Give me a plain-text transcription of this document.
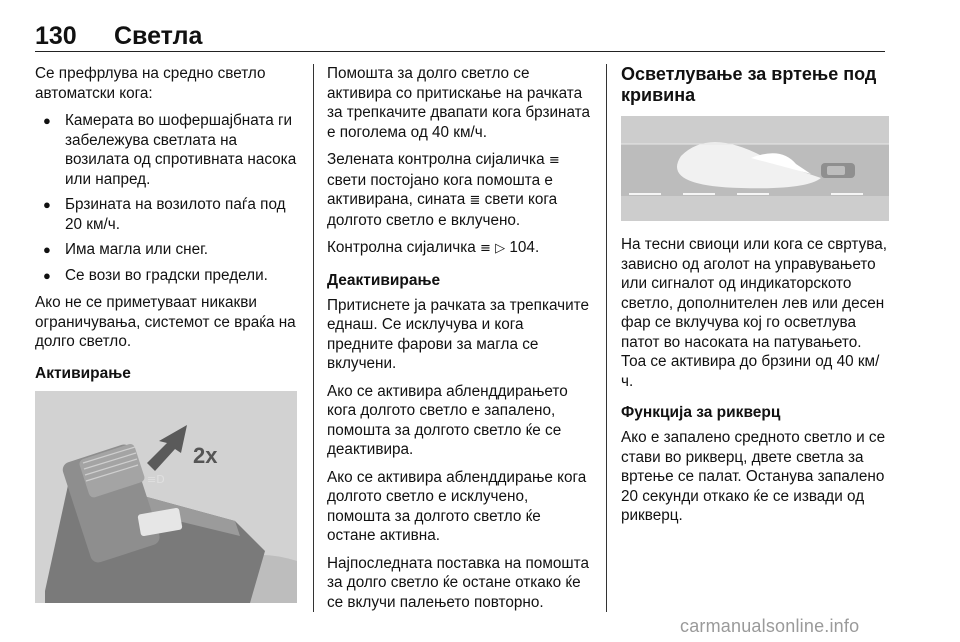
130 Светла

Се префрлува на средно светло автоматски кога:

● Камерата во шофершајбната ги забележува светлата на возилата од спротивната насока или напред.
● Брзината на возилото паѓа под 20 км/ч.
● Има магла или снег.
● Се вози во градски предели.

Ако не се приметуваат никакви ограничувања, системот се враќа на долго светло.

Активирање
≡D
2x

Помошта за долго светло се активира со притискање на рачката за трепкачите двапати кога брзината е поголема од 40 км/ч.

Зелената контролна сијаличка ≡ свети постојано кога помошта е активирана, сината ≣ свети кога долгото светло е вклучено.

Контролна сијаличка ≡ ▷ 104.

Деактивирање

Притиснете ја рачката за трепкачите еднаш. Се исклучува и кога предните фарови за магла се вклучени.

Ако се активира абленддирањето кога долгото светло е запалено, помошта за долгото светло ќе се деактивира.

Ако се активира абленддирање кога долгото светло е исклучено, помошта за долгото светло ќе остане активна.

Најпоследната поставка на помошта за долго светло ќе остане откако ќе се вклучи палењето повторно.

Осветлување за вртење под кривина

На тесни свиоци или кога се свртува, зависно од аголот на управувањето или сигналот од индикаторското светло, дополнителен лев или десен фар се вклучува кој го осветлува патот во насоката на патувањето. Тоа се активира до брзини од 40 км/ч.

Функција за рикверц

Ако е запалено средното светло и се стави во рикверц, двете светла за вртење се палат. Останува запалено 20 секунди откако ќе се извади од рикверц.

carmanualsonline.info
